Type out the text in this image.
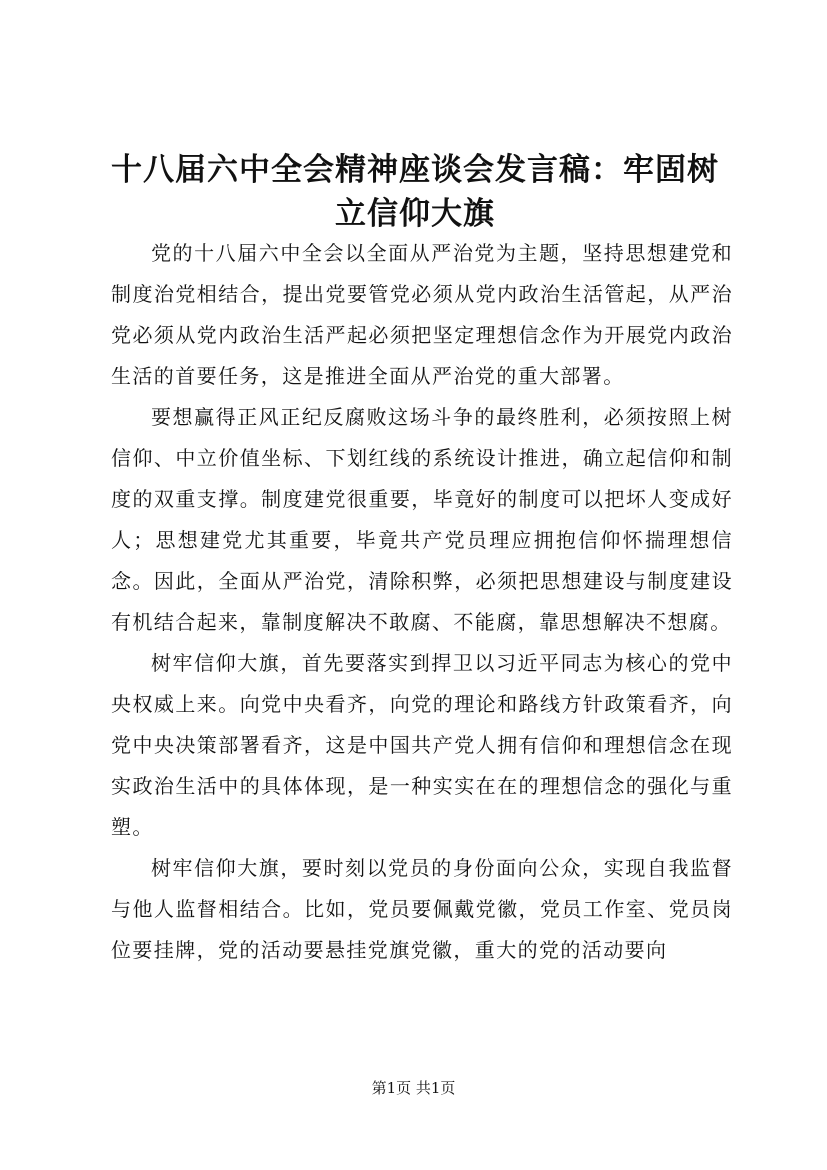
十八届六中全会精神座谈会发言稿：牢固树立信仰大旗

党的十八届六中全会以全面从严治党为主题，坚持思想建党和制度治党相结合，提出党要管党必须从党内政治生活管起，从严治党必须从党内政治生活严起必须把坚定理想信念作为开展党内政治生活的首要任务，这是推进全面从严治党的重大部署。

要想赢得正风正纪反腐败这场斗争的最终胜利，必须按照上树信仰、中立价值坐标、下划红线的系统设计推进，确立起信仰和制度的双重支撑。制度建党很重要，毕竟好的制度可以把坏人变成好人；思想建党尤其重要，毕竟共产党员理应拥抱信仰怀揣理想信念。因此，全面从严治党，清除积弊，必须把思想建设与制度建设有机结合起来，靠制度解决不敢腐、不能腐，靠思想解决不想腐。

树牢信仰大旗，首先要落实到捍卫以习近平同志为核心的党中央权威上来。向党中央看齐，向党的理论和路线方针政策看齐，向党中央决策部署看齐，这是中国共产党人拥有信仰和理想信念在现实政治生活中的具体体现，是一种实实在在的理想信念的强化与重塑。

树牢信仰大旗，要时刻以党员的身份面向公众，实现自我监督与他人监督相结合。比如，党员要佩戴党徽，党员工作室、党员岗位要挂牌，党的活动要悬挂党旗党徽，重大的党的活动要向

第1页 共1页
